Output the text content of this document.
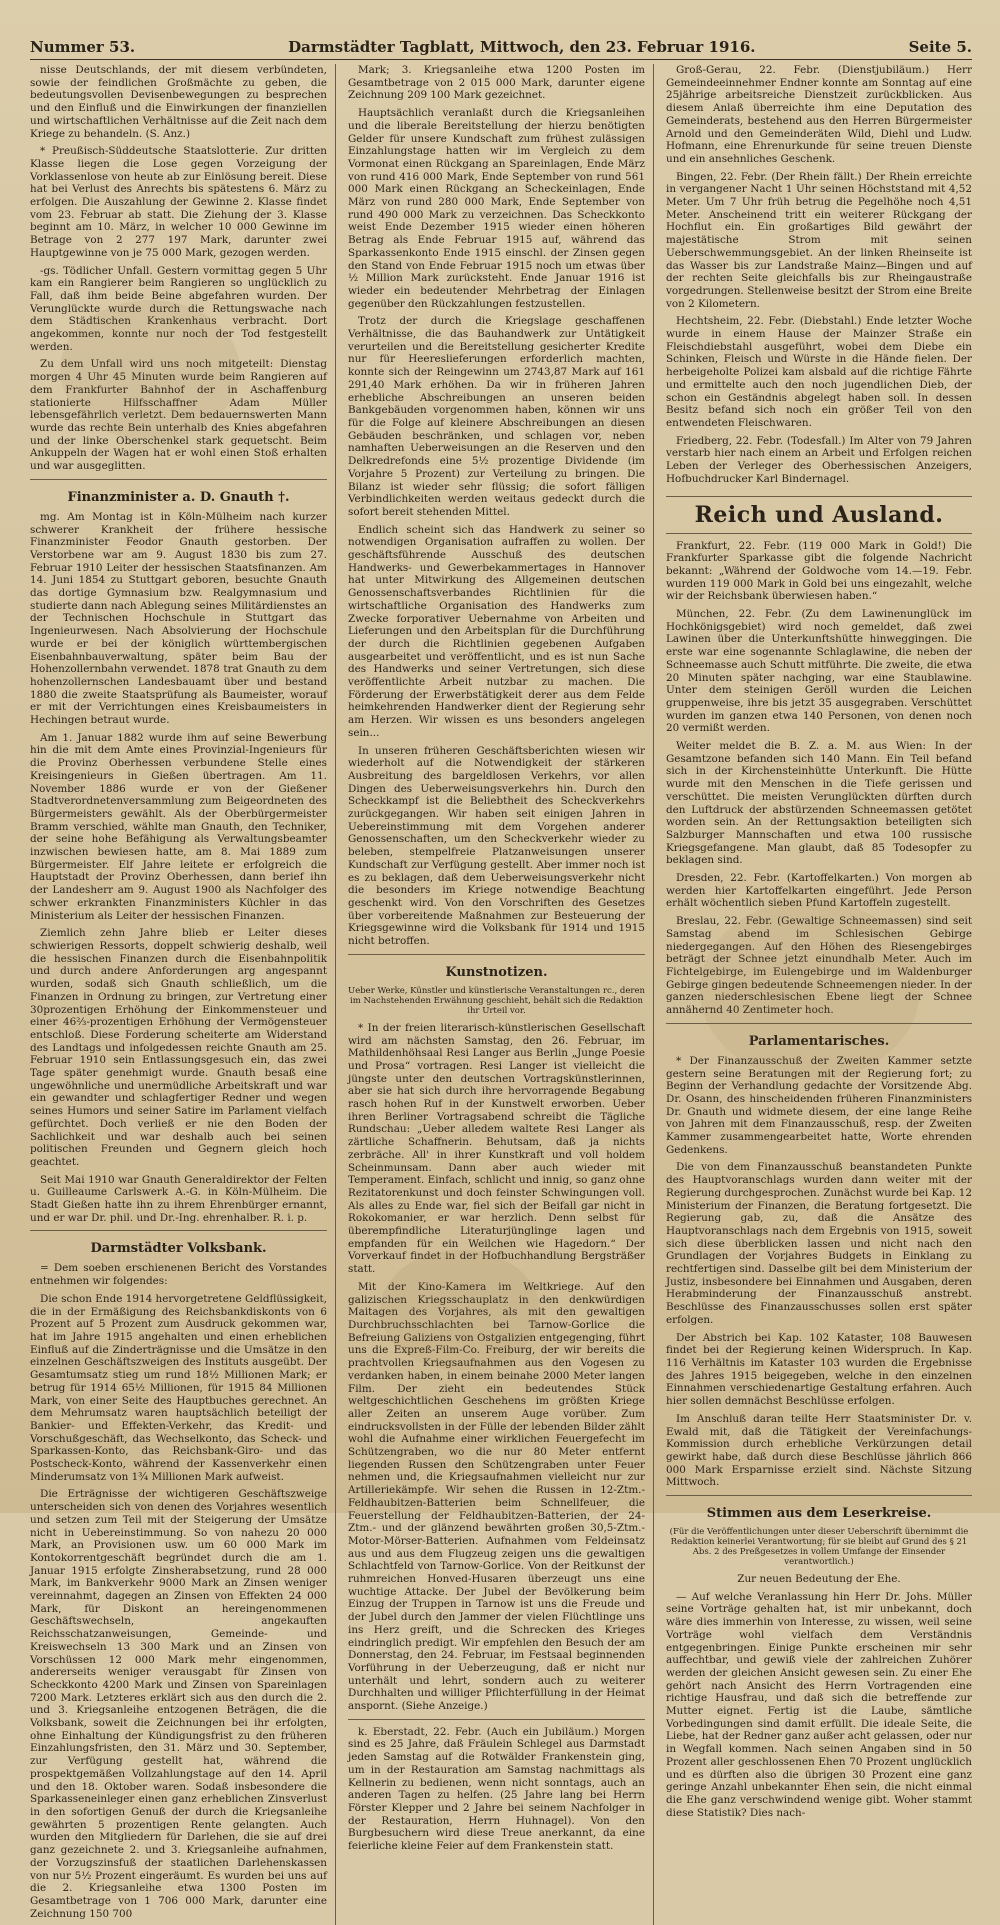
Nummer 53.	Darmstädter Tagblatt, Mittwoch, den 23. Februar 1916.	Seite 5.

nisse Deutschlands, der mit diesem verbündeten, sowie der feindlichen Großmächte zu geben, die bedeutungsvollen Devisenbewegungen zu besprechen und den Einfluß und die Einwirkungen der finanziellen und wirtschaftlichen Verhältnisse auf die Zeit nach dem Kriege zu behandeln. (S. Anz.)

* Preußisch-Süddeutsche Staatslotterie. Zur dritten Klasse liegen die Lose gegen Vorzeigung der Vorklassenlose von heute ab zur Einlösung bereit. Diese hat bei Verlust des Anrechts bis spätestens 6. März zu erfolgen. Die Auszahlung der Gewinne 2. Klasse findet vom 23. Februar ab statt. Die Ziehung der 3. Klasse beginnt am 10. März, in welcher 10 000 Gewinne im Betrage von 2 277 197 Mark, darunter zwei Hauptgewinne von je 75 000 Mark, gezogen werden.

-gs. Tödlicher Unfall. Gestern vormittag gegen 5 Uhr kam ein Rangierer beim Rangieren so unglücklich zu Fall, daß ihm beide Beine abgefahren wurden. Der Verunglückte wurde durch die Rettungswache nach dem Städtischen Krankenhaus verbracht. Dort angekommen, konnte nur noch der Tod festgestellt werden.

Zu dem Unfall wird uns noch mitgeteilt: Dienstag morgen 4 Uhr 45 Minuten wurde beim Rangieren auf dem Frankfurter Bahnhof der in Aschaffenburg stationierte Hilfsschaffner Adam Müller lebensgefährlich verletzt. Dem bedauernswerten Mann wurde das rechte Bein unterhalb des Knies abgefahren und der linke Oberschenkel stark gequetscht. Beim Ankuppeln der Wagen hat er wohl einen Stoß erhalten und war ausgeglitten.

Finanzminister a. D. Gnauth †.

mg. Am Montag ist in Köln-Mülheim nach kurzer schwerer Krankheit der frühere hessische Finanzminister Feodor Gnauth gestorben. Der Verstorbene war am 9. August 1830 bis zum 27. Februar 1910 Leiter der hessischen Staatsfinanzen. Am 14. Juni 1854 zu Stuttgart geboren, besuchte Gnauth das dortige Gymnasium bzw. Realgymnasium und studierte dann nach Ablegung seines Militärdienstes an der Technischen Hochschule in Stuttgart das Ingenieurwesen. Nach Absolvierung der Hochschule wurde er bei der königlich württembergischen Eisenbahnbauverwaltung, später beim Bau der Hohenzollernbahn verwendet. 1878 trat Gnauth zu dem hohenzollernschen Landesbauamt über und bestand 1880 die zweite Staatsprüfung als Baumeister, worauf er mit der Verrichtungen eines Kreisbaumeisters in Hechingen betraut wurde.

Am 1. Januar 1882 wurde ihm auf seine Bewerbung hin die mit dem Amte eines Provinzial-Ingenieurs für die Provinz Oberhessen verbundene Stelle eines Kreisingenieurs in Gießen übertragen. Am 11. November 1886 wurde er von der Gießener Stadtverordnetenversammlung zum Beigeordneten des Bürgermeisters gewählt. Als der Oberbürgermeister Bramm verschied, wählte man Gnauth, den Techniker, der seine hohe Befähigung als Verwaltungsbeamter inzwischen bewiesen hatte, am 8. Mai 1889 zum Bürgermeister. Elf Jahre leitete er erfolgreich die Hauptstadt der Provinz Oberhessen, dann berief ihn der Landesherr am 9. August 1900 als Nachfolger des schwer erkrankten Finanzministers Küchler in das Ministerium als Leiter der hessischen Finanzen.

Ziemlich zehn Jahre blieb er Leiter dieses schwierigen Ressorts, doppelt schwierig deshalb, weil die hessischen Finanzen durch die Eisenbahnpolitik und durch andere Anforderungen arg angespannt wurden, sodaß sich Gnauth schließlich, um die Finanzen in Ordnung zu bringen, zur Vertretung einer 30prozentigen Erhöhung der Einkommensteuer und einer 46⅔-prozentigen Erhöhung der Vermögensteuer entschloß. Diese Forderung scheiterte am Widerstand des Landtags und infolgedessen reichte Gnauth am 25. Februar 1910 sein Entlassungsgesuch ein, das zwei Tage später genehmigt wurde. Gnauth besaß eine ungewöhnliche und unermüdliche Arbeitskraft und war ein gewandter und schlagfertiger Redner und wegen seines Humors und seiner Satire im Parlament vielfach gefürchtet. Doch verließ er nie den Boden der Sachlichkeit und war deshalb auch bei seinen politischen Freunden und Gegnern gleich hoch geachtet.

Seit Mai 1910 war Gnauth Generaldirektor der Felten u. Guilleaume Carlswerk A.-G. in Köln-Mülheim. Die Stadt Gießen hatte ihn zu ihrem Ehrenbürger ernannt, und er war Dr. phil. und Dr.-Ing. ehrenhalber. R. i. p.

Darmstädter Volksbank.

= Dem soeben erschienenen Bericht des Vorstandes entnehmen wir folgendes:

Die schon Ende 1914 hervorgetretene Geldflüssigkeit, die in der Ermäßigung des Reichsbankdiskonts von 6 Prozent auf 5 Prozent zum Ausdruck gekommen war, hat im Jahre 1915 angehalten und einen erheblichen Einfluß auf die Zinderträgnisse und die Umsätze in den einzelnen Geschäftszweigen des Instituts ausgeübt. Der Gesamtumsatz stieg um rund 18½ Millionen Mark; er betrug für 1914 65½ Millionen, für 1915 84 Millionen Mark, von einer Seite des Hauptbuches gerechnet. An dem Mehrumsatz waren hauptsächlich beteiligt der Bankier- und Effekten-Verkehr, das Kredit- und Vorschußgeschäft, das Wechselkonto, das Scheck- und Sparkassen-Konto, das Reichsbank-Giro- und das Postscheck-Konto, während der Kassenverkehr einen Minderumsatz von 1¾ Millionen Mark aufweist.

Die Erträgnisse der wichtigeren Geschäftszweige unterscheiden sich von denen des Vorjahres wesentlich und setzen zum Teil mit der Steigerung der Umsätze nicht in Uebereinstimmung. So von nahezu 20 000 Mark, an Provisionen usw. um 60 000 Mark im Kontokorrentgeschäft begründet durch die am 1. Januar 1915 erfolgte Zinsherabsetzung, rund 28 000 Mark, im Bankverkehr 9000 Mark an Zinsen weniger vereinnahmt, dagegen an Zinsen von Effekten 24 000 Mark, für Diskont an hereingenommenen Geschäftswechseln, angekauften Reichsschatzanweisungen, Gemeinde- und Kreiswechseln 13 300 Mark und an Zinsen von Vorschüssen 12 000 Mark mehr eingenommen, andererseits weniger verausgabt für Zinsen von Scheckkonto 4200 Mark und Zinsen von Spareinlagen 7200 Mark. Letzteres erklärt sich aus den durch die 2. und 3. Kriegsanleihe entzogenen Beträgen, die die Volksbank, soweit die Zeichnungen bei ihr erfolgten, ohne Einhaltung der Kündigungsfrist zu den früheren Einzahlungsfristen, den 31. März und 30. September, zur Verfügung gestellt hat, während die prospektgemäßen Vollzahlungstage auf den 14. April und den 18. Oktober waren. Sodaß insbesondere die Sparkasseneinleger einen ganz erheblichen Zinsverlust in den sofortigen Genuß der durch die Kriegsanleihe gewährten 5 prozentigen Rente gelangten. Auch wurden den Mitgliedern für Darlehen, die sie auf drei ganz gezeichnete 2. und 3. Kriegsanleihe aufnahmen, der Vorzugszinsfuß der staatlichen Darlehenskassen von nur 5½ Prozent eingeräumt. Es wurden bei uns auf die 2. Kriegsanleihe etwa 1300 Posten im Gesamtbetrage von 1 706 000 Mark, darunter eine Zeichnung 150 700

Mark; 3. Kriegsanleihe etwa 1200 Posten im Gesamtbetrage von 2 015 000 Mark, darunter eigene Zeichnung 209 100 Mark gezeichnet.

Hauptsächlich veranlaßt durch die Kriegsanleihen und die liberale Bereitstellung der hierzu benötigten Gelder für unsere Kundschaft zum frühest zulässigen Einzahlungstage hatten wir im Vergleich zu dem Vormonat einen Rückgang an Spareinlagen, Ende März von rund 416 000 Mark, Ende September von rund 561 000 Mark einen Rückgang an Scheckeinlagen, Ende März von rund 280 000 Mark, Ende September von rund 490 000 Mark zu verzeichnen. Das Scheckkonto weist Ende Dezember 1915 wieder einen höheren Betrag als Ende Februar 1915 auf, während das Sparkassenkonto Ende 1915 einschl. der Zinsen gegen den Stand von Ende Februar 1915 noch um etwas über ½ Million Mark zurücksteht. Ende Januar 1916 ist wieder ein bedeutender Mehrbetrag der Einlagen gegenüber den Rückzahlungen festzustellen.

Trotz der durch die Kriegslage geschaffenen Verhältnisse, die das Bauhandwerk zur Untätigkeit verurteilen und die Bereitstellung gesicherter Kredite nur für Heereslieferungen erforderlich machten, konnte sich der Reingewinn um 2743,87 Mark auf 161 291,40 Mark erhöhen. Da wir in früheren Jahren erhebliche Abschreibungen an unseren beiden Bankgebäuden vorgenommen haben, können wir uns für die Folge auf kleinere Abschreibungen an diesen Gebäuden beschränken, und schlagen vor, neben namhaften Ueberweisungen an die Reserven und den Delkredrefonds eine 5½ prozentige Dividende (im Vorjahre 5 Prozent) zur Verteilung zu bringen. Die Bilanz ist wieder sehr flüssig; die sofort fälligen Verbindlichkeiten werden weitaus gedeckt durch die sofort bereit stehenden Mittel.

Endlich scheint sich das Handwerk zu seiner so notwendigen Organisation aufraffen zu wollen. Der geschäftsführende Ausschuß des deutschen Handwerks- und Gewerbekammertages in Hannover hat unter Mitwirkung des Allgemeinen deutschen Genossenschaftsverbandes Richtlinien für die wirtschaftliche Organisation des Handwerks zum Zwecke forporativer Uebernahme von Arbeiten und Lieferungen und den Arbeitsplan für die Durchführung der durch die Richtlinien gegebenen Aufgaben ausgearbeitet und veröffentlicht, und es ist nun Sache des Handwerks und seiner Vertretungen, sich diese veröffentlichte Arbeit nutzbar zu machen. Die Förderung der Erwerbstätigkeit derer aus dem Felde heimkehrenden Handwerker dient der Regierung sehr am Herzen. Wir wissen es uns besonders angelegen sein...

In unseren früheren Geschäftsberichten wiesen wir wiederholt auf die Notwendigkeit der stärkeren Ausbreitung des bargeldlosen Verkehrs, vor allen Dingen des Ueberweisungsverkehrs hin. Durch den Scheckkampf ist die Beliebtheit des Scheckverkehrs zurückgegangen. Wir haben seit einigen Jahren in Uebereinstimmung mit dem Vorgehen anderer Genossenschaften, um den Scheckverkehr wieder zu beleben, stempelfreie Platzanweisungen unserer Kundschaft zur Verfügung gestellt. Aber immer noch ist es zu beklagen, daß dem Ueberweisungsverkehr nicht die besonders im Kriege notwendige Beachtung geschenkt wird. Von den Vorschriften des Gesetzes über vorbereitende Maßnahmen zur Besteuerung der Kriegsgewinne wird die Volksbank für 1914 und 1915 nicht betroffen.

Kunstnotizen.

Ueber Werke, Künstler und künstlerische Veranstaltungen rc., deren im Nachstehenden Erwähnung geschieht, behält sich die Redaktion ihr Urteil vor.

* In der freien literarisch-künstlerischen Gesellschaft wird am nächsten Samstag, den 26. Februar, im Mathildenhöhsaal Resi Langer aus Berlin „Junge Poesie und Prosa“ vortragen. Resi Langer ist vielleicht die jüngste unter den deutschen Vortragskünstlerinnen, aber sie hat sich durch ihre hervorragende Begabung rasch hohen Ruf in der Kunstwelt erworben. Ueber ihren Berliner Vortragsabend schreibt die Tägliche Rundschau: „Ueber alledem waltete Resi Langer als zärtliche Schaffnerin. Behutsam, daß ja nichts zerbräche. All' in ihrer Kunstkraft und voll holdem Scheinmunsam. Dann aber auch wieder mit Temperament. Einfach, schlicht und innig, so ganz ohne Rezitatorenkunst und doch feinster Schwingungen voll. Als alles zu Ende war, fiel sich der Beifall gar nicht in Rokokomanier, er war herzlich. Denn selbst für überempfindliche Literaturjünglinge lagen und empfanden für ein Weilchen wie Hagedorn.“ Der Vorverkauf findet in der Hofbuchhandlung Bergsträßer statt.

Mit der Kino-Kamera im Weltkriege. Auf den galizischen Kriegsschauplatz in den denkwürdigen Maitagen des Vorjahres, als mit den gewaltigen Durchbruchsschlachten bei Tarnow-Gorlice die Befreiung Galiziens von Ostgalizien entgegenging, führt uns die Expreß-Film-Co. Freiburg, der wir bereits die prachtvollen Kriegsaufnahmen aus den Vogesen zu verdanken haben, in einem beinahe 2000 Meter langen Film. Der zieht ein bedeutendes Stück weltgeschichtlichen Geschehens im größten Kriege aller Zeiten an unserem Auge vorüber. Zum eindrucksvollsten in der Fülle der lebenden Bilder zählt wohl die Aufnahme einer wirklichen Feuergefecht im Schützengraben, wo die nur 80 Meter entfernt liegenden Russen den Schützengraben unter Feuer nehmen und, die Kriegsaufnahmen vielleicht nur zur Artilleriekämpfe. Wir sehen die Russen in 12-Ztm.-Feldhaubitzen-Batterien beim Schnellfeuer, die Feuerstellung der Feldhaubitzen-Batterien, der 24-Ztm.- und der glänzend bewährten großen 30,5-Ztm.-Motor-Mörser-Batterien. Aufnahmen vom Feldeinsatz aus und aus dem Flugzeug zeigen uns die gewaltigen Schlachtfeld von Tarnow-Gorlice. Von der Reitkunst der ruhmreichen Honved-Husaren überzeugt uns eine wuchtige Attacke. Der Jubel der Bevölkerung beim Einzug der Truppen in Tarnow ist uns die Freude und der Jubel durch den Jammer der vielen Flüchtlinge uns ins Herz greift, und die Schrecken des Krieges eindringlich predigt. Wir empfehlen den Besuch der am Donnerstag, den 24. Februar, im Festsaal beginnenden Vorführung in der Ueberzeugung, daß er nicht nur unterhält und lehrt, sondern auch zu weiterer Durchhalten und williger Pflichterfüllung in der Heimat anspornt. (Siehe Anzeige.)

k. Eberstadt, 22. Febr. (Auch ein Jubiläum.) Morgen sind es 25 Jahre, daß Fräulein Schlegel aus Darmstadt jeden Samstag auf die Rotwälder Frankenstein ging, um in der Restauration am Samstag nachmittags als Kellnerin zu bedienen, wenn nicht sonntags, auch an anderen Tagen zu helfen. (25 Jahre lang bei Herrn Förster Klepper und 2 Jahre bei seinem Nachfolger in der Restauration, Herrn Huhnagel). Von den Burgbesuchern wird diese Treue anerkannt, da eine feierliche kleine Feier auf dem Frankenstein statt.

Groß-Gerau, 22. Febr. (Dienstjubiläum.) Herr Gemeindeeinnehmer Endner konnte am Sonntag auf eine 25jährige arbeitsreiche Dienstzeit zurückblicken. Aus diesem Anlaß überreichte ihm eine Deputation des Gemeinderats, bestehend aus den Herren Bürgermeister Arnold und den Gemeinderäten Wild, Diehl und Ludw. Hofmann, eine Ehrenurkunde für seine treuen Dienste und ein ansehnliches Geschenk.

Bingen, 22. Febr. (Der Rhein fällt.) Der Rhein erreichte in vergangener Nacht 1 Uhr seinen Höchststand mit 4,52 Meter. Um 7 Uhr früh betrug die Pegelhöhe noch 4,51 Meter. Anscheinend tritt ein weiterer Rückgang der Hochflut ein. Ein großartiges Bild gewährt der majestätische Strom mit seinen Ueberschwemmungsgebiet. An der linken Rheinseite ist das Wasser bis zur Landstraße Mainz—Bingen und auf der rechten Seite gleichfalls bis zur Rheingaustraße vorgedrungen. Stellenweise besitzt der Strom eine Breite von 2 Kilometern.

Hechtsheim, 22. Febr. (Diebstahl.) Ende letzter Woche wurde in einem Hause der Mainzer Straße ein Fleischdiebstahl ausgeführt, wobei dem Diebe ein Schinken, Fleisch und Würste in die Hände fielen. Der herbeigeholte Polizei kam alsbald auf die richtige Fährte und ermittelte auch den noch jugendlichen Dieb, der schon ein Geständnis abgelegt haben soll. In dessen Besitz befand sich noch ein größer Teil von den entwendeten Fleischwaren.

Friedberg, 22. Febr. (Todesfall.) Im Alter von 79 Jahren verstarb hier nach einem an Arbeit und Erfolgen reichen Leben der Verleger des Oberhessischen Anzeigers, Hofbuchdrucker Karl Bindernagel.

Reich und Ausland.

Frankfurt, 22. Febr. (119 000 Mark in Gold!) Die Frankfurter Sparkasse gibt die folgende Nachricht bekannt: „Während der Goldwoche vom 14.—19. Febr. wurden 119 000 Mark in Gold bei uns eingezahlt, welche wir der Reichsbank überwiesen haben.“

München, 22. Febr. (Zu dem Lawinenunglück im Hochkönigsgebiet) wird noch gemeldet, daß zwei Lawinen über die Unterkunftshütte hinweggingen. Die erste war eine sogenannte Schlaglawine, die neben der Schneemasse auch Schutt mitführte. Die zweite, die etwa 20 Minuten später nachging, war eine Staublawine. Unter dem steinigen Geröll wurden die Leichen gruppenweise, ihre bis jetzt 35 ausgegraben. Verschüttet wurden im ganzen etwa 140 Personen, von denen noch 20 vermißt werden.

Weiter meldet die B. Z. a. M. aus Wien: In der Gesamtzone befanden sich 140 Mann. Ein Teil befand sich in der Kirchensteinhütte Unterkunft. Die Hütte wurde mit den Menschen in die Tiefe gerissen und verschüttet. Die meisten Verunglückten dürften durch den Luftdruck der abstürzenden Schneemassen getötet worden sein. An der Rettungsaktion beteiligten sich Salzburger Mannschaften und etwa 100 russische Kriegsgefangene. Man glaubt, daß 85 Todesopfer zu beklagen sind.

Dresden, 22. Febr. (Kartoffelkarten.) Von morgen ab werden hier Kartoffelkarten eingeführt. Jede Person erhält wöchentlich sieben Pfund Kartoffeln zugestellt.

Breslau, 22. Febr. (Gewaltige Schneemassen) sind seit Samstag abend im Schlesischen Gebirge niedergegangen. Auf den Höhen des Riesengebirges beträgt der Schnee jetzt einundhalb Meter. Auch im Fichtelgebirge, im Eulengebirge und im Waldenburger Gebirge gingen bedeutende Schneemengen nieder. In der ganzen niederschlesischen Ebene liegt der Schnee annähernd 40 Zentimeter hoch.

Parlamentarisches.

* Der Finanzausschuß der Zweiten Kammer setzte gestern seine Beratungen mit der Regierung fort; zu Beginn der Verhandlung gedachte der Vorsitzende Abg. Dr. Osann, des hinscheidenden früheren Finanzministers Dr. Gnauth und widmete diesem, der eine lange Reihe von Jahren mit dem Finanzausschuß, resp. der Zweiten Kammer zusammengearbeitet hatte, Worte ehrenden Gedenkens.

Die von dem Finanzausschuß beanstandeten Punkte des Hauptvoranschlags wurden dann weiter mit der Regierung durchgesprochen. Zunächst wurde bei Kap. 12 Ministerium der Finanzen, die Beratung fortgesetzt. Die Regierung gab, zu, daß die Ansätze des Hauptvoranschlags nach dem Ergebnis von 1915, soweit sich diese überblicken lassen und nicht nach den Grundlagen der Vorjahres Budgets in Einklang zu rechtfertigen sind. Dasselbe gilt bei dem Ministerium der Justiz, insbesondere bei Einnahmen und Ausgaben, deren Herabminderung der Finanzausschuß anstrebt. Beschlüsse des Finanzausschusses sollen erst später erfolgen.

Der Abstrich bei Kap. 102 Kataster, 108 Bauwesen findet bei der Regierung keinen Widerspruch. In Kap. 116 Verhältnis im Kataster 103 wurden die Ergebnisse des Jahres 1915 beigegeben, welche in den einzelnen Einnahmen verschiedenartige Gestaltung erfahren. Auch hier sollen demnächst Beschlüsse erfolgen.

Im Anschluß daran teilte Herr Staatsminister Dr. v. Ewald mit, daß die Tätigkeit der Vereinfachungs-Kommission durch erhebliche Verkürzungen detail gewirkt habe, daß durch diese Beschlüsse jährlich 866 000 Mark Ersparnisse erzielt sind. Nächste Sitzung Mittwoch.

Stimmen aus dem Leserkreise.

(Für die Veröffentlichungen unter dieser Ueberschrift übernimmt die Redaktion keinerlei Verantwortung; für sie bleibt auf Grund des § 21 Abs. 2 des Preßgesetzes in vollem Umfange der Einsender verantwortlich.)

Zur neuen Bedeutung der Ehe.

— Auf welche Veranlassung hin Herr Dr. Johs. Müller seine Vorträge gehalten hat, ist mir unbekannt, doch wäre dies immerhin von Interesse, zu wissen, weil seine Vorträge wohl vielfach dem Verständnis entgegenbringen. Einige Punkte erscheinen mir sehr auffechtbar, und gewiß viele der zahlreichen Zuhörer werden der gleichen Ansicht gewesen sein. Zu einer Ehe gehört nach Ansicht des Herrn Vortragenden eine richtige Hausfrau, und daß sich die betreffende zur Mutter eignet. Fertig ist die Laube, sämtliche Vorbedingungen sind damit erfüllt. Die ideale Seite, die Liebe, hat der Redner ganz außer acht gelassen, oder nur in Wegfall kommen. Nach seinen Angaben sind in 50 Prozent aller geschlossenen Ehen 70 Prozent unglücklich und es dürften also die übrigen 30 Prozent eine ganz geringe Anzahl unbekannter Ehen sein, die nicht einmal die Ehe ganz verschwindend wenige gibt. Woher stammt diese Statistik? Dies nach-
